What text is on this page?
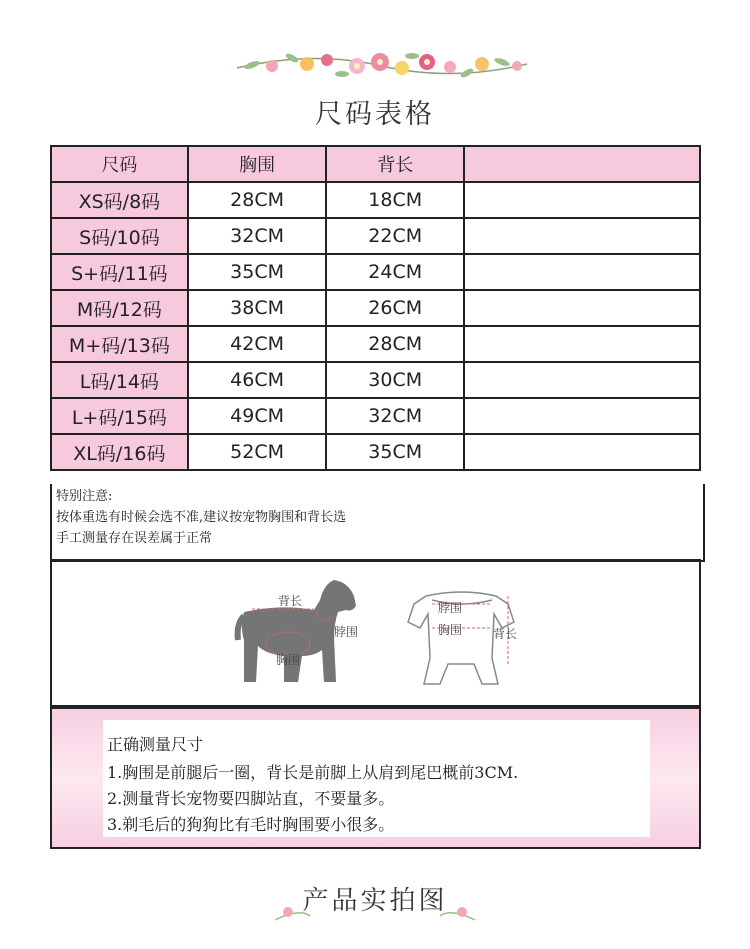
尺码表格
尺码	胸围	背长	
XS码/8码	28CM	18CM	
S码/10码	32CM	22CM	
S+码/11码	35CM	24CM	
M码/12码	38CM	26CM	
M+码/13码	42CM	28CM	
L码/14码	46CM	30CM	
L+码/15码	49CM	32CM	
XL码/16码	52CM	35CM	
特别注意:
按体重选有时候会选不准,建议按宠物胸围和背长选
手工测量存在误差属于正常
背长
脖围
胸围
脖围
胸围	背长
正确测量尺寸
1.胸围是前腿后一圈，背长是前脚上从肩到尾巴概前3CM.
2.测量背长宠物要四脚站直，不要量多。
3.剃毛后的狗狗比有毛时胸围要小很多。
产品实拍图
